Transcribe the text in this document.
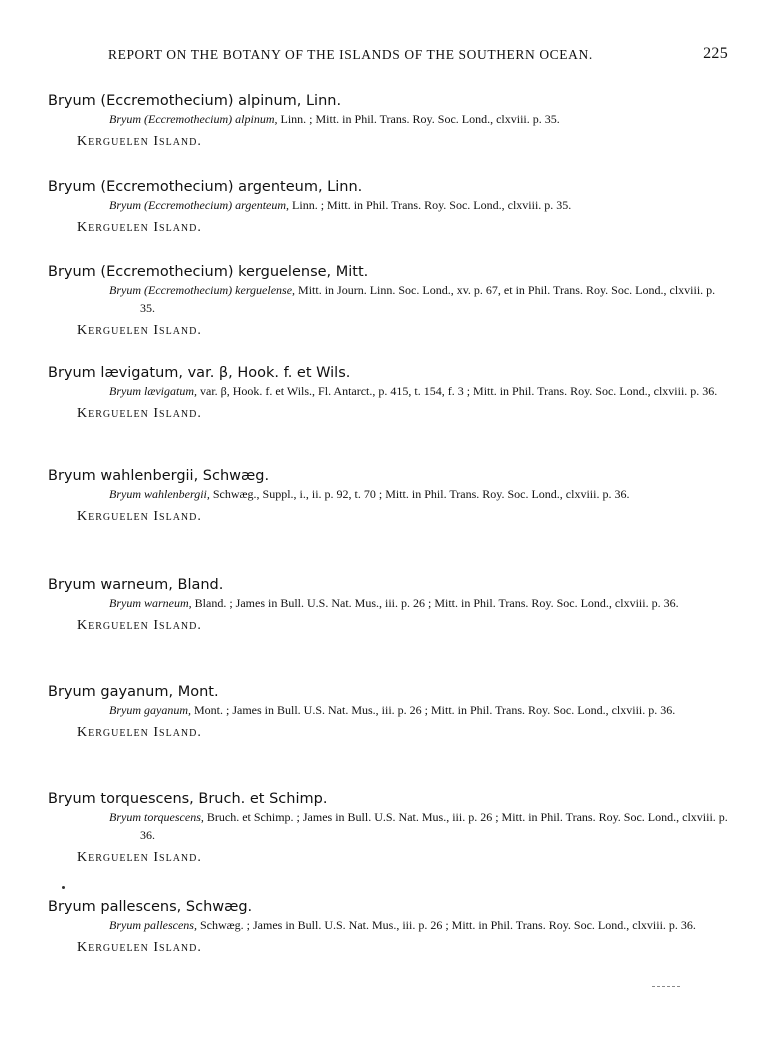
REPORT ON THE BOTANY OF THE ISLANDS OF THE SOUTHERN OCEAN.	225
Bryum (Eccremothecium) alpinum, Linn.
Bryum (Eccremothecium) alpinum, Linn. ; Mitt. in Phil. Trans. Roy. Soc. Lond., clxviii. p. 35.
Kerguelen Island.
Bryum (Eccremothecium) argenteum, Linn.
Bryum (Eccremothecium) argenteum, Linn. ; Mitt. in Phil. Trans. Roy. Soc. Lond., clxviii. p. 35.
Kerguelen Island.
Bryum (Eccremothecium) kerguelense, Mitt.
Bryum (Eccremothecium) kerguelense, Mitt. in Journ. Linn. Soc. Lond., xv. p. 67, et in Phil. Trans. Roy. Soc. Lond., clxviii. p. 35.
Kerguelen Island.
Bryum lævigatum, var. β, Hook. f. et Wils.
Bryum lævigatum, var. β, Hook. f. et Wils., Fl. Antarct., p. 415, t. 154, f. 3 ; Mitt. in Phil. Trans. Roy. Soc. Lond., clxviii. p. 36.
Kerguelen Island.
Bryum wahlenbergii, Schwæg.
Bryum wahlenbergii, Schwæg., Suppl., i., ii. p. 92, t. 70 ; Mitt. in Phil. Trans. Roy. Soc. Lond., clxviii. p. 36.
Kerguelen Island.
Bryum warneum, Bland.
Bryum warneum, Bland. ; James in Bull. U.S. Nat. Mus., iii. p. 26 ; Mitt. in Phil. Trans. Roy. Soc. Lond., clxviii. p. 36.
Kerguelen Island.
Bryum gayanum, Mont.
Bryum gayanum, Mont. ; James in Bull. U.S. Nat. Mus., iii. p. 26 ; Mitt. in Phil. Trans. Roy. Soc. Lond., clxviii. p. 36.
Kerguelen Island.
Bryum torquescens, Bruch. et Schimp.
Bryum torquescens, Bruch. et Schimp. ; James in Bull. U.S. Nat. Mus., iii. p. 26 ; Mitt. in Phil. Trans. Roy. Soc. Lond., clxviii. p. 36.
Kerguelen Island.
Bryum pallescens, Schwæg.
Bryum pallescens, Schwæg. ; James in Bull. U.S. Nat. Mus., iii. p. 26 ; Mitt. in Phil. Trans. Roy. Soc. Lond., clxviii. p. 36.
Kerguelen Island.
